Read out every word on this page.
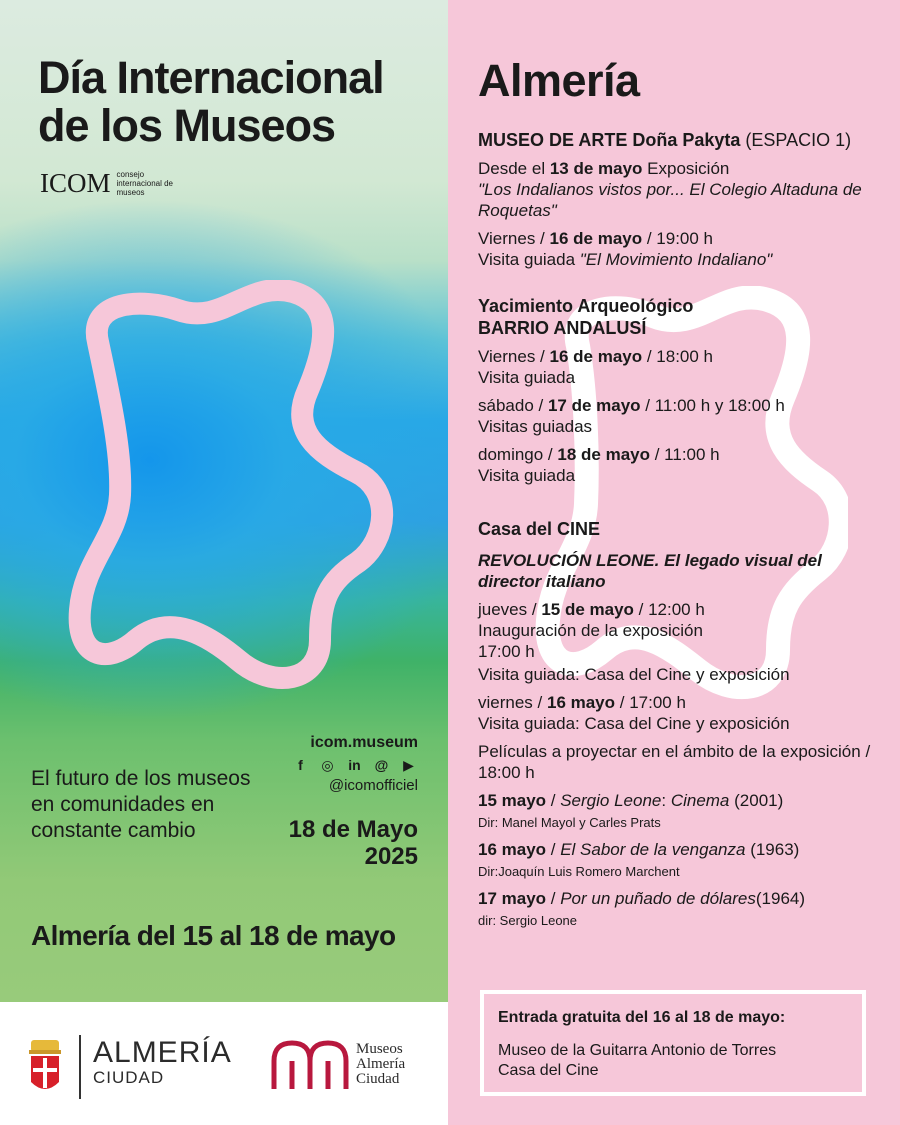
Día Internacional
de los Museos
ICOM consejo internacional de museos
icom.museum
f	◎ in @ ▶
@icomofficiel
El futuro de los museos en comunidades en constante cambio	18 de Mayo
2025
Almería del 15 al 18 de mayo
ALMERÍA
CIUDAD
Museos
Almería
Ciudad
Almería
MUSEO DE ARTE Doña Pakyta (ESPACIO 1)

Desde el 13 de mayo Exposición
"Los Indalianos vistos por... El Colegio Altaduna de Roquetas"

Viernes / 16 de mayo / 19:00 h
Visita guiada "El Movimiento Indaliano"

Yacimiento Arqueológico
BARRIO ANDALUSÍ

Viernes / 16 de mayo / 18:00 h
Visita guiada

sábado / 17 de mayo / 11:00 h y 18:00 h
Visitas guiadas

domingo / 18 de mayo / 11:00 h
Visita guiada

Casa del CINE

REVOLUCIÓN LEONE. El legado visual del director italiano

jueves / 15 de mayo / 12:00 h
Inauguración de la exposición
17:00 h

Visita guiada: Casa del Cine y exposición

viernes / 16 mayo / 17:00 h
Visita guiada: Casa del Cine y exposición

Películas a proyectar en el ámbito de la exposición / 18:00 h

15 mayo / Sergio Leone: Cinema (2001)
Dir: Manel Mayol y Carles Prats

16 mayo / El Sabor de la venganza (1963)
Dir:Joaquín Luis Romero Marchent

17 mayo / Por un puñado de dólares(1964)
dir: Sergio Leone

Entrada gratuita del 16 al 18 de mayo:
Museo de la Guitarra Antonio de Torres
Casa del Cine
